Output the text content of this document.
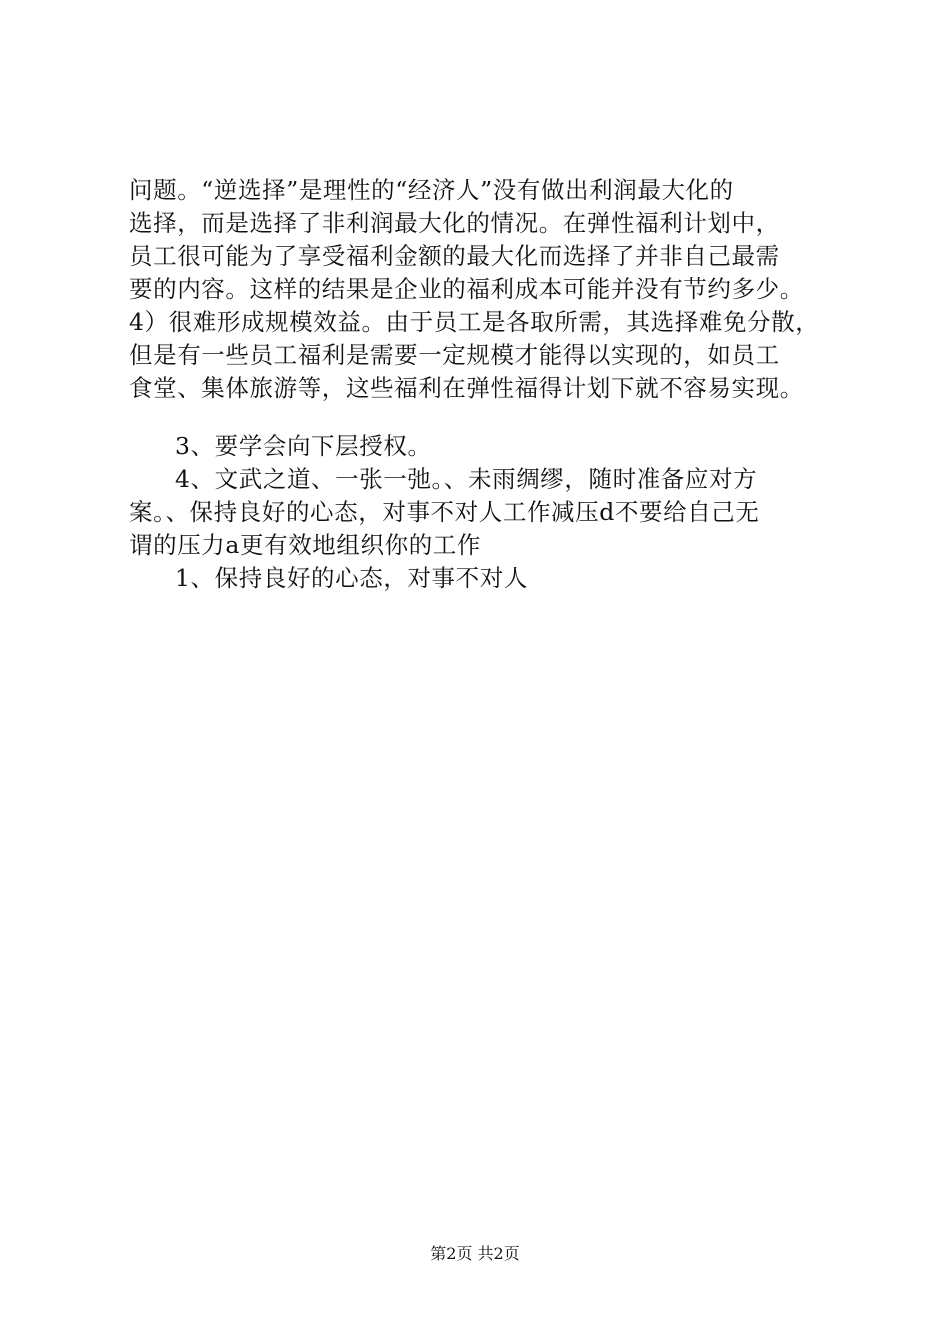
问题。“逆选择”是理性的“经济人”没有做出利润最大化的
选择，而是选择了非利润最大化的情况。在弹性福利计划中，
员工很可能为了享受福利金额的最大化而选择了并非自己最需
要的内容。这样的结果是企业的福利成本可能并没有节约多少。
4）很难形成规模效益。由于员工是各取所需，其选择难免分散，
但是有一些员工福利是需要一定规模才能得以实现的，如员工
食堂、集体旅游等，这些福利在弹性福得计划下就不容易实现。
3、要学会向下层授权。
4、文武之道、一张一弛。、未雨绸缪，随时准备应对方
案。、保持良好的心态，对事不对人工作减压d不要给自己无
谓的压力a更有效地组织你的工作
1、保持良好的心态，对事不对人
第2页 共2页
